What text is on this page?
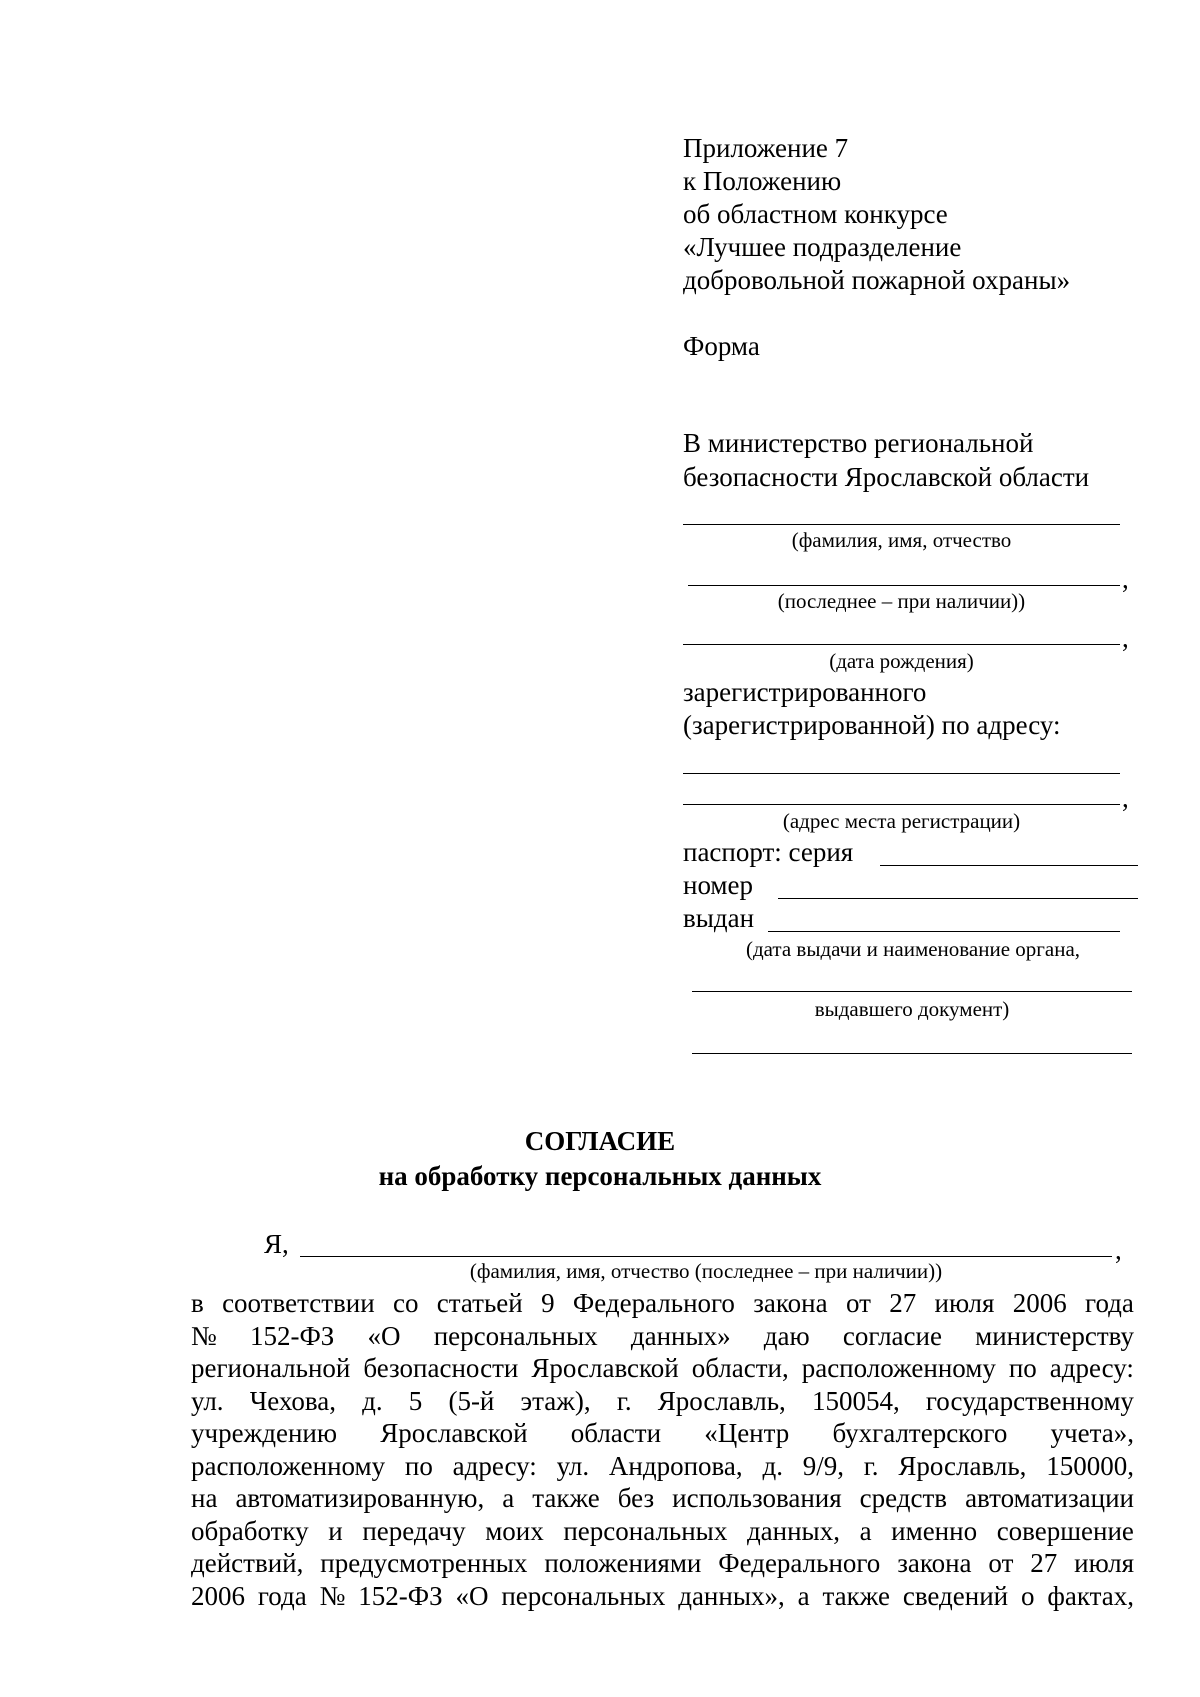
Приложение 7
к Положению
об областном конкурсе
«Лучшее подразделение
добровольной пожарной охраны»
Форма
В министерство региональной
безопасности Ярославской области
(фамилия, имя, отчество
,
(последнее – при наличии))
,
(дата рождения)
зарегистрированного
(зарегистрированной) по адресу:
,
(адрес места регистрации)
паспорт: серия
номер
выдан
(дата выдачи и наименование органа,
выдавшего документ)
СОГЛАСИЕ
на обработку персональных данных
Я,	,
(фамилия, имя, отчество (последнее – при наличии))
в соответствии со статьей 9 Федерального закона от 27 июля 2006 года
№ 152-ФЗ «О персональных данных» даю согласие министерству
региональной безопасности Ярославской области, расположенному по адресу:
ул. Чехова, д. 5 (5-й этаж), г. Ярославль, 150054, государственному
учреждению Ярославской области «Центр бухгалтерского учета»,
расположенному по адресу: ул. Андропова, д. 9/9, г. Ярославль, 150000,
на автоматизированную, а также без использования средств автоматизации
обработку и передачу моих персональных данных, а именно совершение
действий, предусмотренных положениями Федерального закона от 27 июля
2006 года № 152-ФЗ «О персональных данных», а также сведений о фактах,
